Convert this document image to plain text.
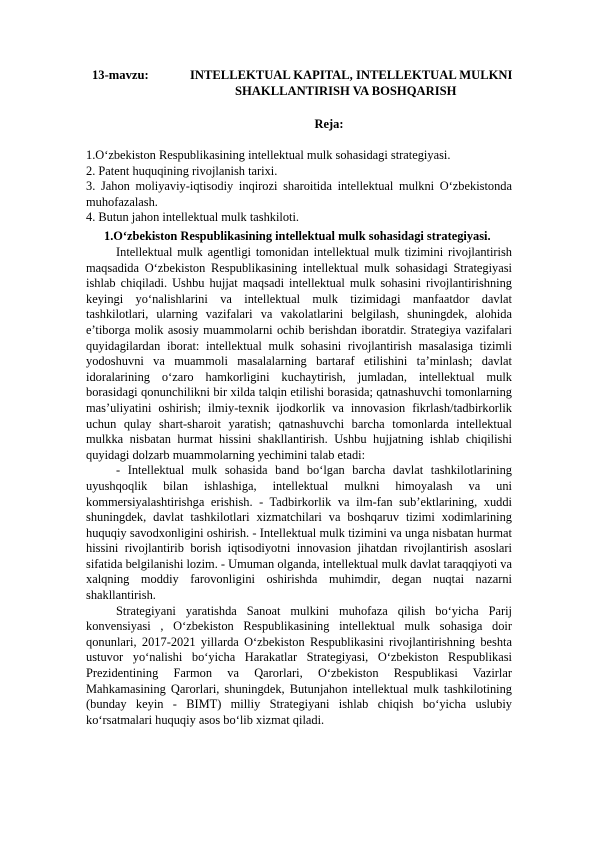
13-mavzu:	INTELLEKTUAL KAPITAL, INTELLEKTUAL MULKNI
SHAKLLANTIRISH VA BOSHQARISH
Reja:

1.O‘zbekiston Respublikasining intellektual mulk sohasidagi strategiyasi.

2. Patent huquqining rivojlanish tarixi.

3. Jahon moliyaviy-iqtisodiy inqirozi sharoitida intellektual mulkni O‘zbekistonda muhofazalash.

4. Butun jahon intellektual mulk tashkiloti.

1.O‘zbekiston Respublikasining intellektual mulk sohasidagi strategiyasi.

Intellektual mulk agentligi tomonidan intellektual mulk tizimini rivojlantirish maqsadida O‘zbekiston Respublikasining intellektual mulk sohasidagi Strategiyasi ishlab chiqiladi. Ushbu hujjat maqsadi intellektual mulk sohasini rivojlantirishning keyingi yo‘nalishlarini va intellektual mulk tizimidagi manfaatdor davlat tashkilotlari, ularning vazifalari va vakolatlarini belgilash, shuningdek, alohida e’tiborga molik asosiy muammolarni ochib berishdan iboratdir. Strategiya vazifalari quyidagilardan iborat: intellektual mulk sohasini rivojlantirish masalasiga tizimli yodoshuvni va muammoli masalalarning bartaraf etilishini ta’minlash; davlat idoralarining o‘zaro hamkorligini kuchaytirish, jumladan, intellektual mulk borasidagi qonunchilikni bir xilda talqin etilishi borasida; qatnashuvchi tomonlarning mas’uliyatini oshirish; ilmiy-texnik ijodkorlik va innovasion fikrlash/tadbirkorlik uchun qulay shart-sharoit yaratish; qatnashuvchi barcha tomonlarda intellektual mulkka nisbatan hurmat hissini shakllantirish. Ushbu hujjatning ishlab chiqilishi quyidagi dolzarb muammolarning yechimini talab etadi:

- Intellektual mulk sohasida band bo‘lgan barcha davlat tashkilotlarining uyushqoqlik bilan ishlashiga, intellektual mulkni himoyalash va uni kommersiyalashtirishga erishish. - Tadbirkorlik va ilm-fan sub’ektlarining, xuddi shuningdek, davlat tashkilotlari xizmatchilari va boshqaruv tizimi xodimlarining huquqiy savodxonligini oshirish. - Intellektual mulk tizimini va unga nisbatan hurmat hissini rivojlantirib borish iqtisodiyotni innovasion jihatdan rivojlantirish asoslari sifatida belgilanishi lozim. - Umuman olganda, intellektual mulk davlat taraqqiyoti va xalqning moddiy farovonligini oshirishda muhimdir, degan nuqtai nazarni shakllantirish.

Strategiyani yaratishda Sanoat mulkini muhofaza qilish bo‘yicha Parij konvensiyasi , O‘zbekiston Respublikasining intellektual mulk sohasiga doir qonunlari, 2017-2021 yillarda O‘zbekiston Respublikasini rivojlantirishning beshta ustuvor yo‘nalishi bo‘yicha Harakatlar Strategiyasi, O‘zbekiston Respublikasi Prezidentining Farmon va Qarorlari, O‘zbekiston Respublikasi Vazirlar Mahkamasining Qarorlari, shuningdek, Butunjahon intellektual mulk tashkilotining (bunday keyin - BIMT) milliy Strategiyani ishlab chiqish bo‘yicha uslubiy ko‘rsatmalari huquqiy asos bo‘lib xizmat qiladi.
